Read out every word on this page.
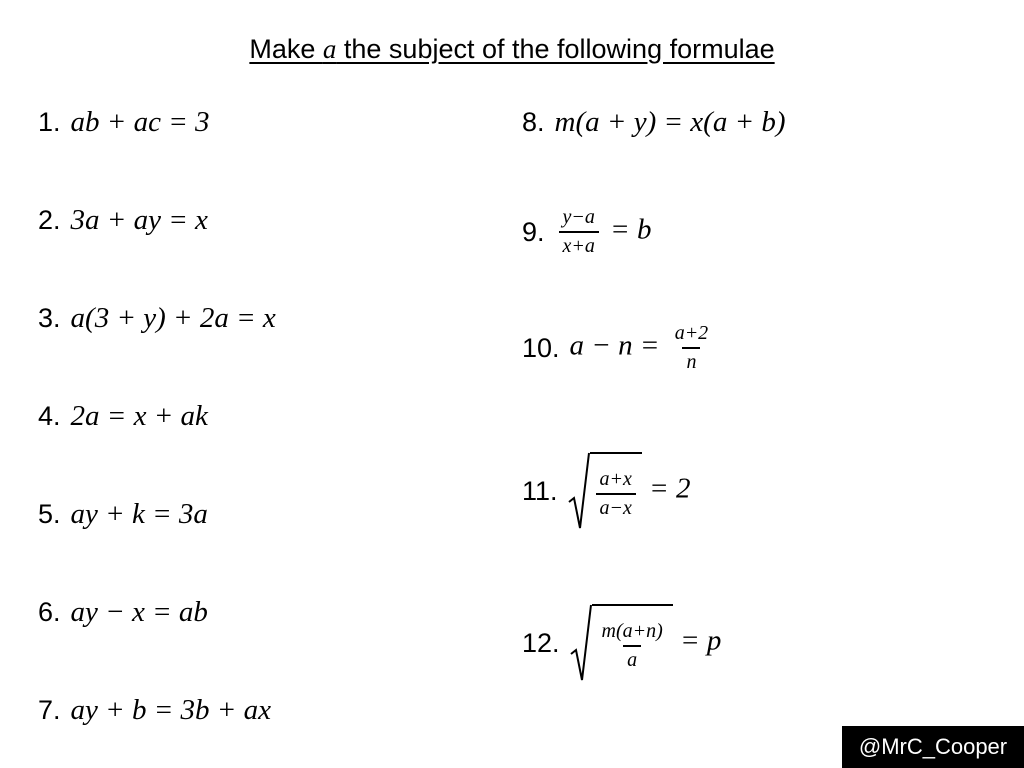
Make a the subject of the following formulae
1. ab + ac = 3
2. 3a + ay = x
3. a(3 + y) + 2a = x
4. 2a = x + ak
5. ay + k = 3a
6. ay − x = ab
7. ay + b = 3b + ax
8. m(a + y) = x(a + b)
9. $\frac{y-a}{x+a} = b$
10. $a - n = \frac{a+2}{n}$
11. $\frac{a+x}{a-x} = 2$
12. $\frac{m(a+n)}{a} = p$
@MrC_Cooper
